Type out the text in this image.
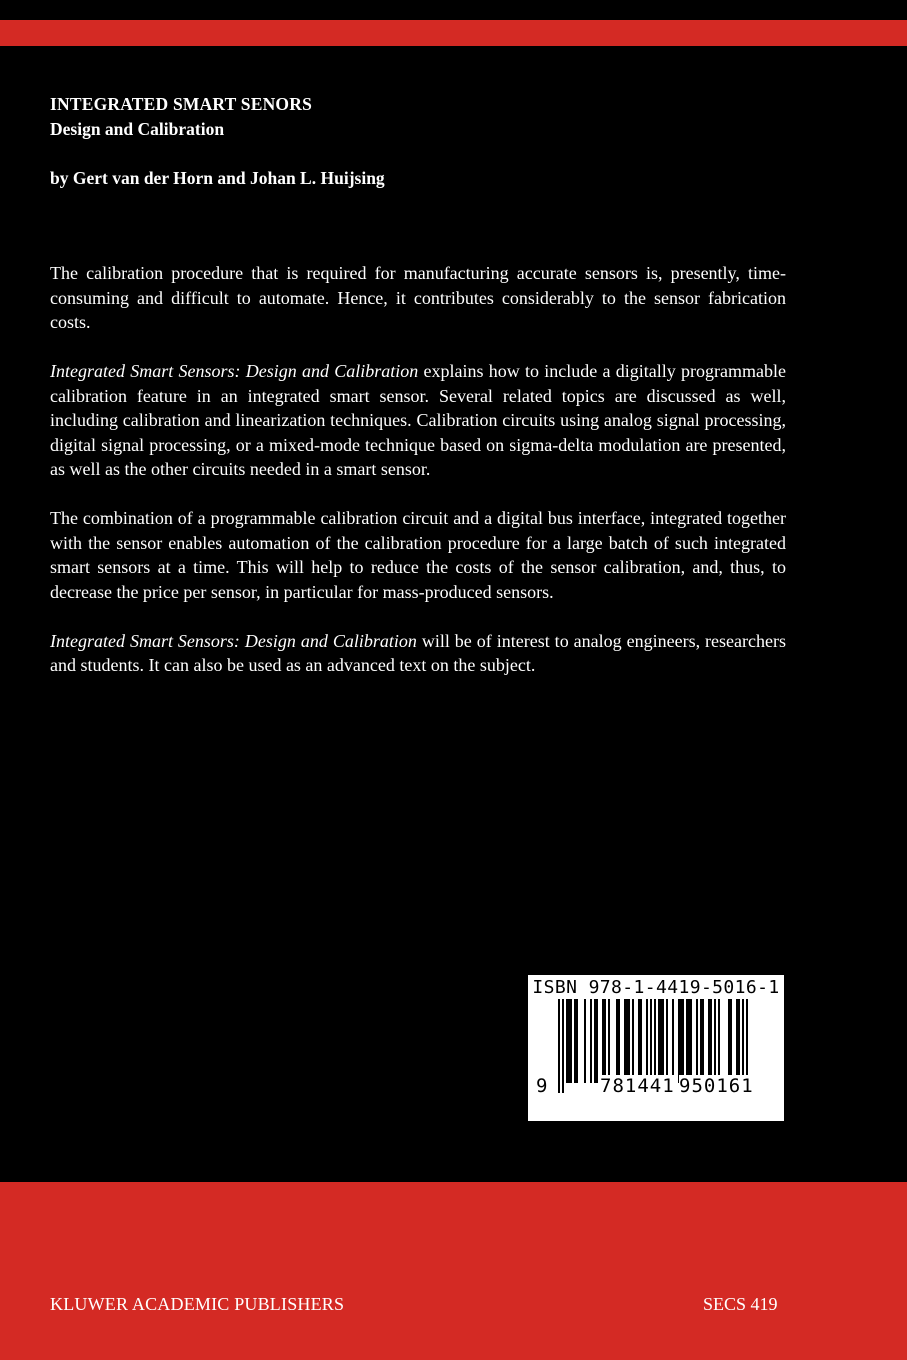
INTEGRATED SMART SENORS
Design and Calibration
by Gert van der Horn and Johan L. Huijsing

The calibration procedure that is required for manufacturing accurate sensors is, presently, time-consuming and difficult to automate. Hence, it contributes considerably to the sensor fabrication costs.

Integrated Smart Sensors: Design and Calibration explains how to include a digitally programmable calibration feature in an integrated smart sensor. Several related topics are discussed as well, including calibration and linearization techniques. Calibration circuits using analog signal processing, digital signal processing, or a mixed-mode technique based on sigma-delta modulation are presented, as well as the other circuits needed in a smart sensor.

The combination of a programmable calibration circuit and a digital bus interface, integrated together with the sensor enables automation of the calibration procedure for a large batch of such integrated smart sensors at a time. This will help to reduce the costs of the sensor calibration, and, thus, to decrease the price per sensor, in particular for mass-produced sensors.

Integrated Smart Sensors: Design and Calibration will be of interest to analog engineers, researchers and students. It can also be used as an advanced text on the subject.

ISBN 978-1-4419-5016-1
9	781441 950161
KLUWER ACADEMIC PUBLISHERS	SECS 419
